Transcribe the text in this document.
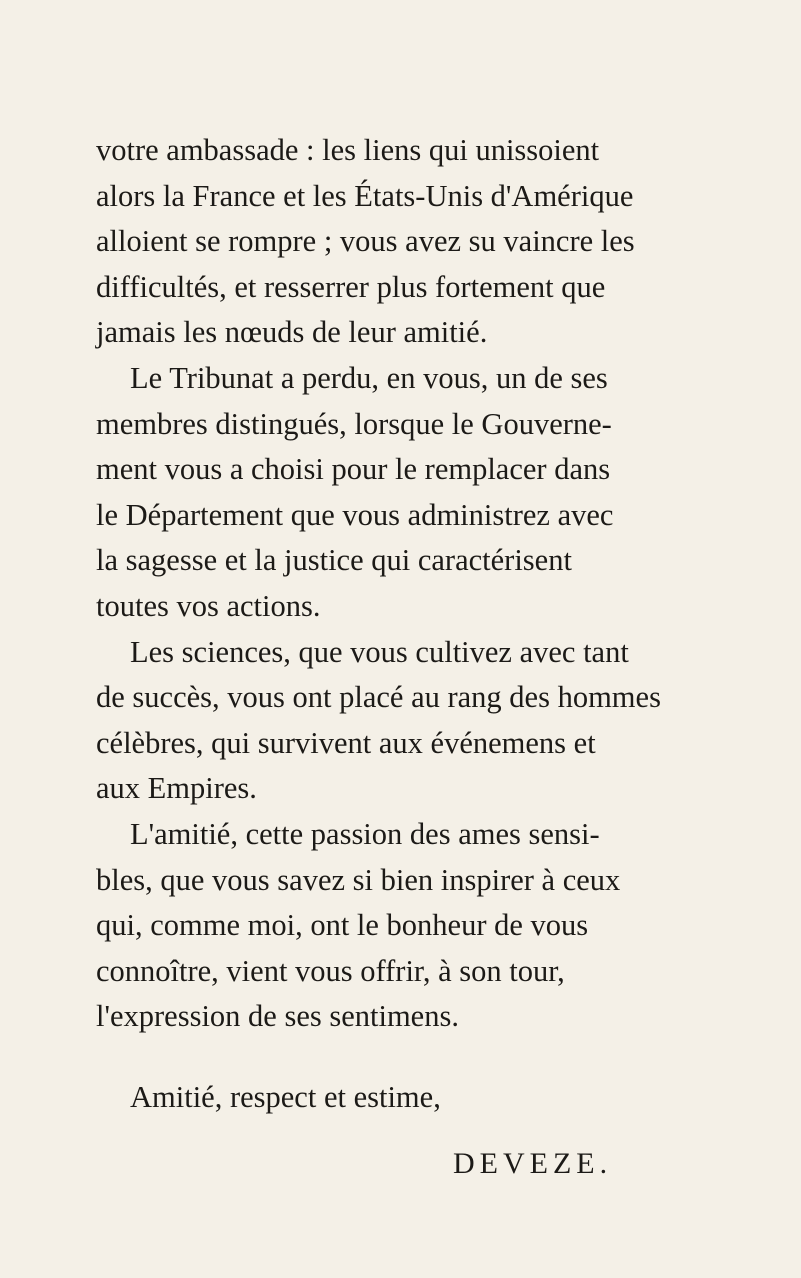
votre ambassade : les liens qui unissoient
alors la France et les États-Unis d'Amérique
alloient se rompre ; vous avez su vaincre les
difficultés, et resserrer plus fortement que
jamais les nœuds de leur amitié.
Le Tribunat a perdu, en vous, un de ses
membres distingués, lorsque le Gouverne-
ment vous a choisi pour le remplacer dans
le Département que vous administrez avec
la sagesse et la justice qui caractérisent
toutes vos actions.
Les sciences, que vous cultivez avec tant
de succès, vous ont placé au rang des hommes
célèbres, qui survivent aux événemens et
aux Empires.
L'amitié, cette passion des ames sensi-
bles, que vous savez si bien inspirer à ceux
qui, comme moi, ont le bonheur de vous
connoître, vient vous offrir, à son tour,
l'expression de ses sentimens.
Amitié, respect et estime,
DEVEZE.
